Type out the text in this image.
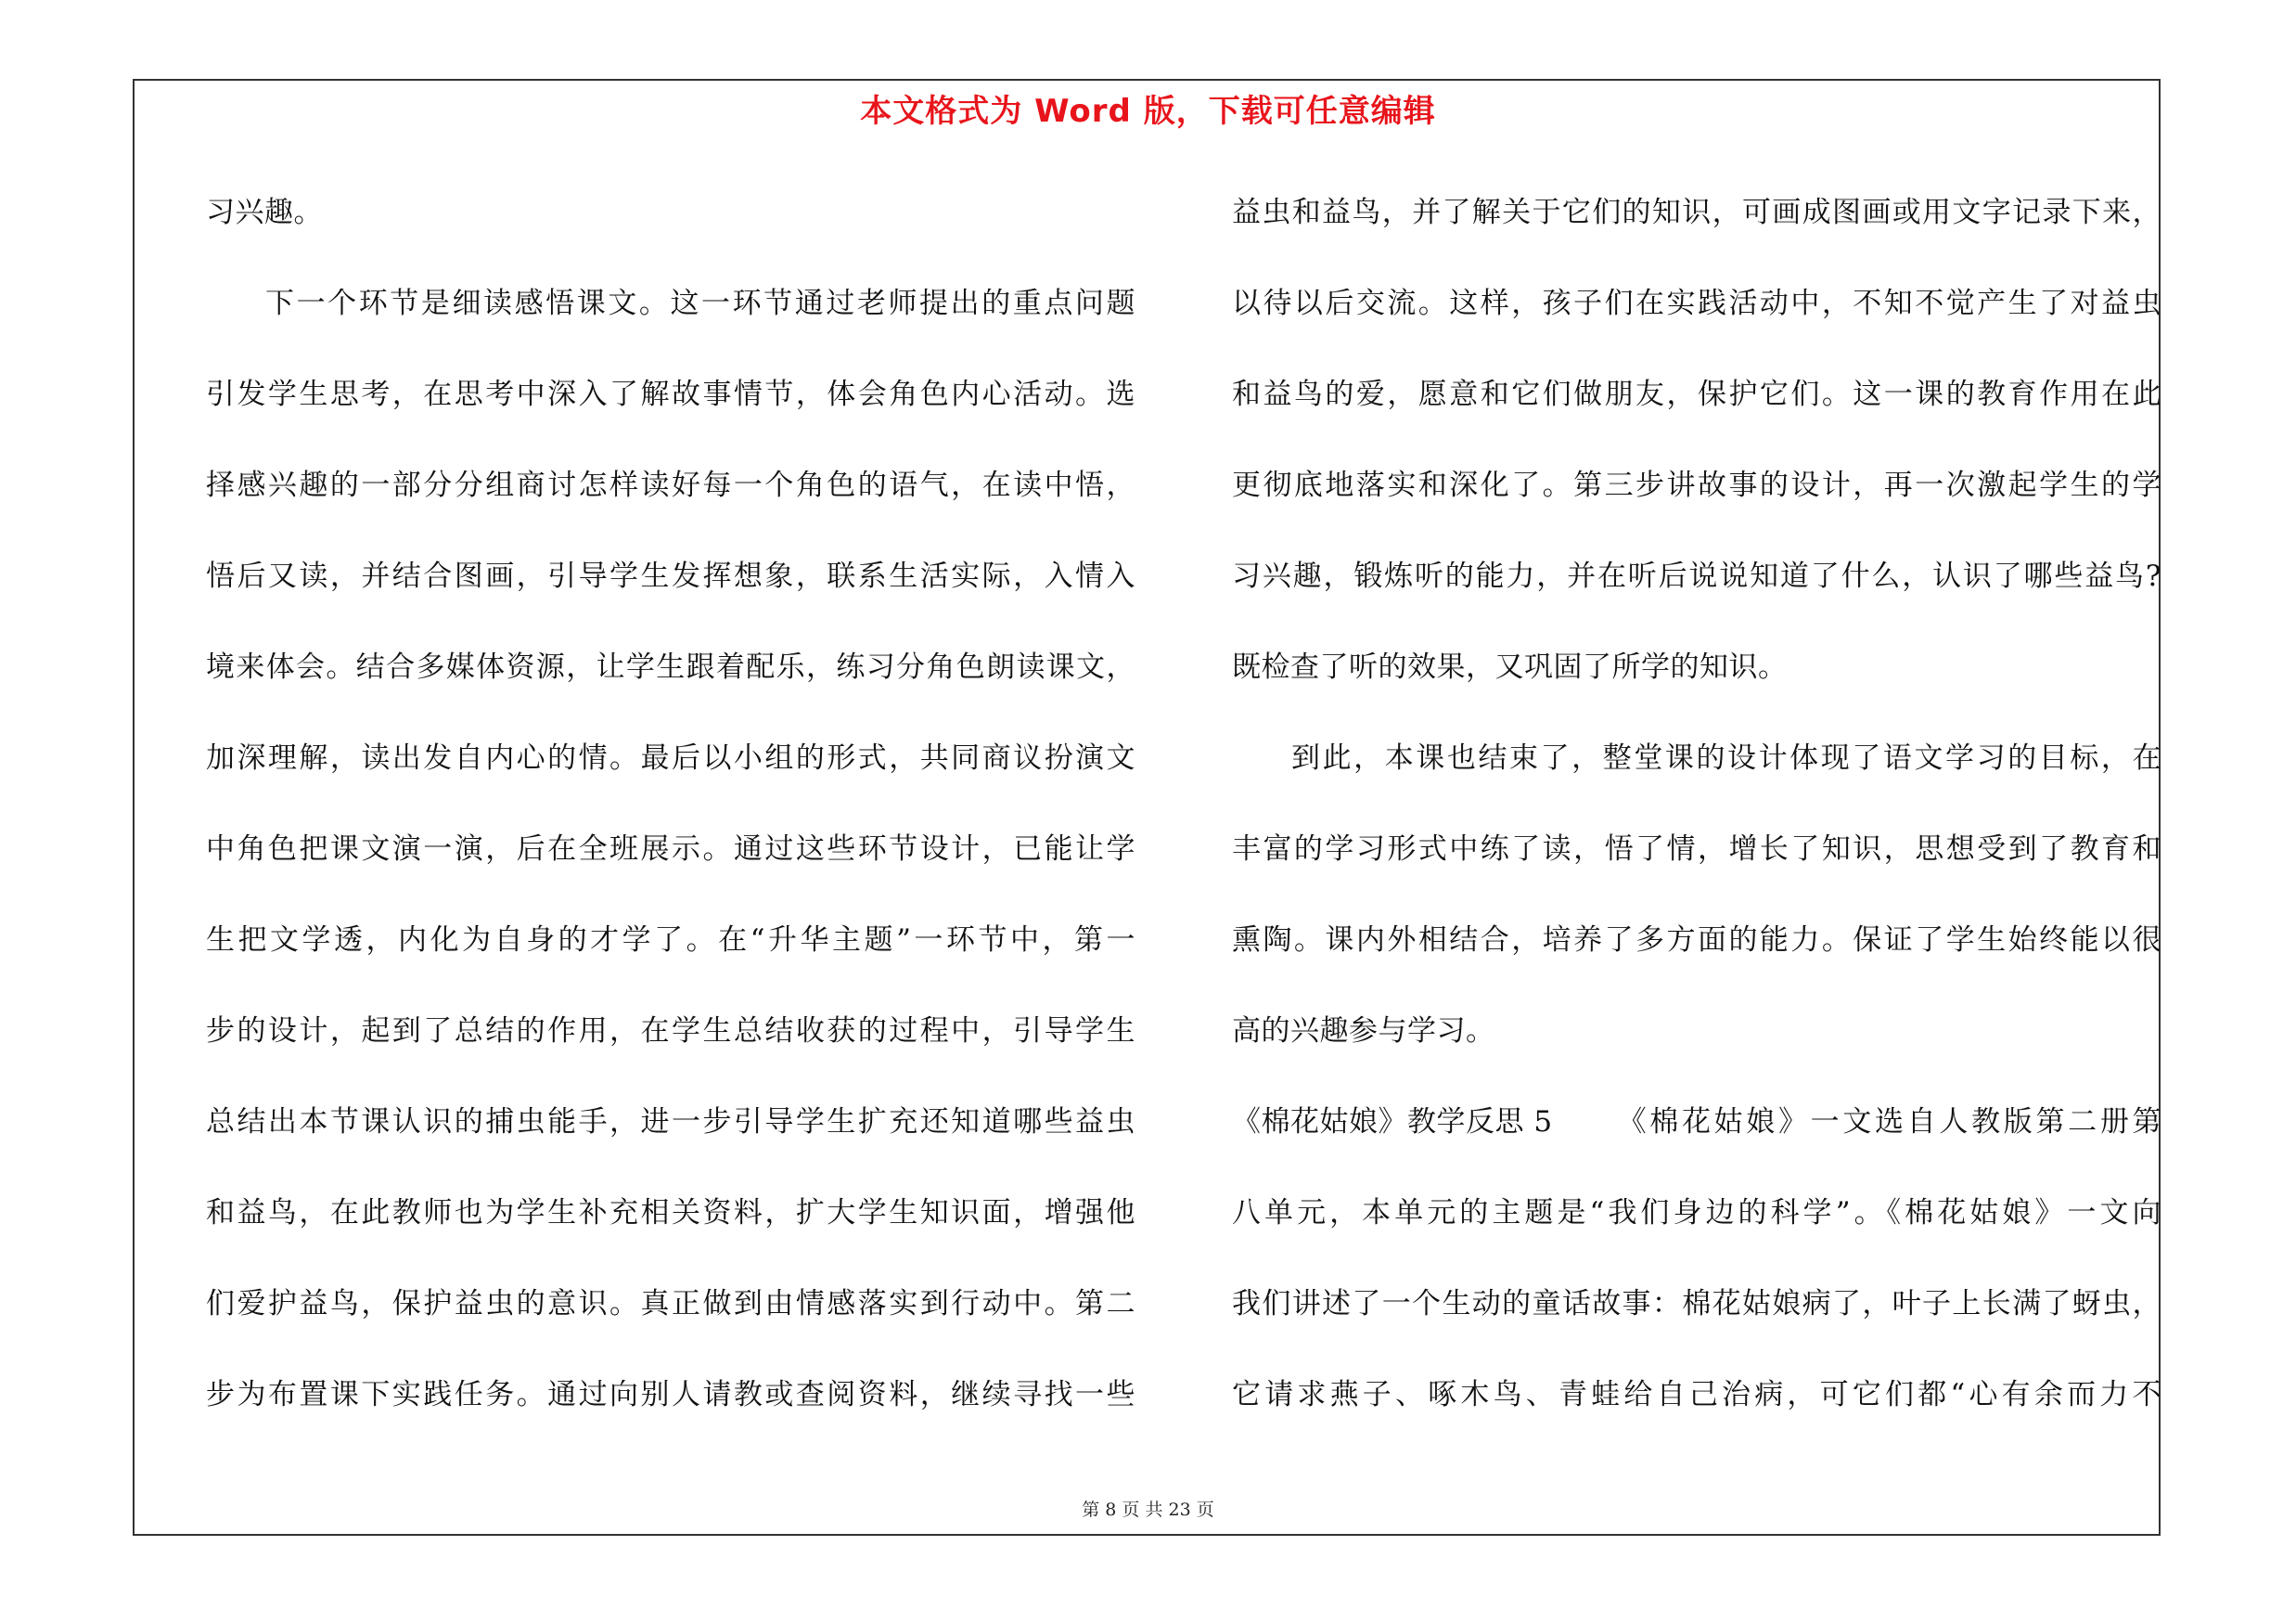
本文格式为 Word 版，下载可任意编辑
习兴趣。
下一个环节是细读感悟课文。这一环节通过老师提出的重点问题
引发学生思考，在思考中深入了解故事情节，体会角色内心活动。选
择感兴趣的一部分分组商讨怎样读好每一个角色的语气，在读中悟，
悟后又读，并结合图画，引导学生发挥想象，联系生活实际，入情入
境来体会。结合多媒体资源，让学生跟着配乐，练习分角色朗读课文，
加深理解，读出发自内心的情。最后以小组的形式，共同商议扮演文
中角色把课文演一演，后在全班展示。通过这些环节设计，已能让学
生把文学透，内化为自身的才学了。在“升华主题”一环节中，第一
步的设计，起到了总结的作用，在学生总结收获的过程中，引导学生
总结出本节课认识的捕虫能手，进一步引导学生扩充还知道哪些益虫
和益鸟，在此教师也为学生补充相关资料，扩大学生知识面，增强他
们爱护益鸟，保护益虫的意识。真正做到由情感落实到行动中。第二
步为布置课下实践任务。通过向别人请教或查阅资料，继续寻找一些
益虫和益鸟，并了解关于它们的知识，可画成图画或用文字记录下来，
以待以后交流。这样，孩子们在实践活动中，不知不觉产生了对益虫
和益鸟的爱，愿意和它们做朋友，保护它们。这一课的教育作用在此
更彻底地落实和深化了。第三步讲故事的设计，再一次激起学生的学
习兴趣，锻炼听的能力，并在听后说说知道了什么，认识了哪些益鸟?
既检查了听的效果，又巩固了所学的知识。
到此，本课也结束了，整堂课的设计体现了语文学习的目标，在
丰富的学习形式中练了读，悟了情，增长了知识，思想受到了教育和
熏陶。课内外相结合，培养了多方面的能力。保证了学生始终能以很
高的兴趣参与学习。
《棉花姑娘》教学反思 5 《棉花姑娘》一文选自人教版第二册第
八单元，本单元的主题是“我们身边的科学”。《棉花姑娘》一文向
我们讲述了一个生动的童话故事：棉花姑娘病了，叶子上长满了蚜虫，
它请求燕子、啄木鸟、青蛙给自己治病，可它们都“心有余而力不
第 8 页 共 23 页
